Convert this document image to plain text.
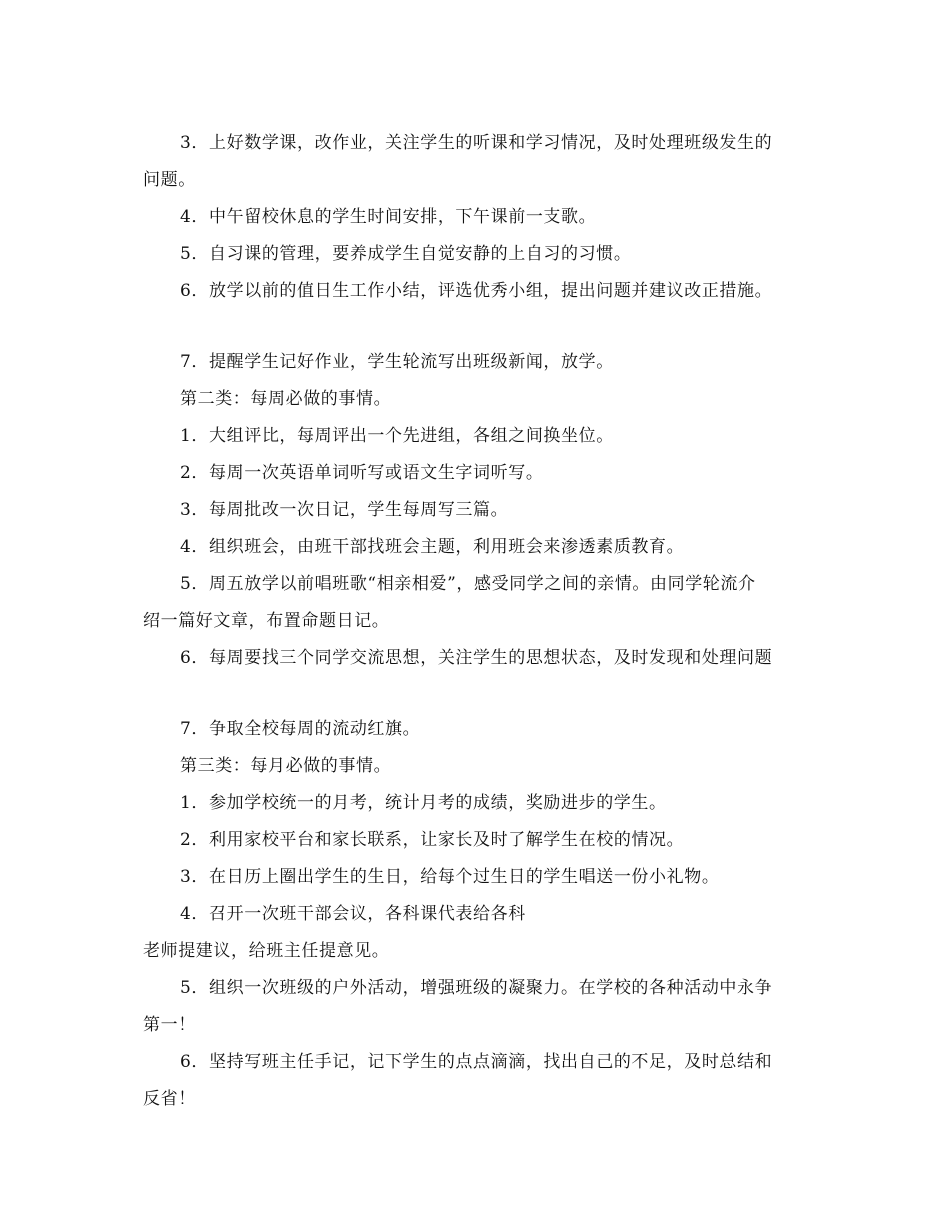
3．上好数学课，改作业，关注学生的听课和学习情况，及时处理班级发生的
问题。
4．中午留校休息的学生时间安排，下午课前一支歌。
5．自习课的管理，要养成学生自觉安静的上自习的习惯。
6．放学以前的值日生工作小结，评选优秀小组，提出问题并建议改正措施。
7．提醒学生记好作业，学生轮流写出班级新闻，放学。
第二类：每周必做的事情。
1．大组评比，每周评出一个先进组，各组之间换坐位。
2．每周一次英语单词听写或语文生字词听写。
3．每周批改一次日记，学生每周写三篇。
4．组织班会，由班干部找班会主题，利用班会来渗透素质教育。
5．周五放学以前唱班歌“相亲相爱”，感受同学之间的亲情。由同学轮流介
绍一篇好文章，布置命题日记。
6．每周要找三个同学交流思想，关注学生的思想状态，及时发现和处理问题
7．争取全校每周的流动红旗。
第三类：每月必做的事情。
1．参加学校统一的月考，统计月考的成绩，奖励进步的学生。
2．利用家校平台和家长联系，让家长及时了解学生在校的情况。
3．在日历上圈出学生的生日，给每个过生日的学生唱送一份小礼物。
4．召开一次班干部会议，各科课代表给各科
老师提建议，给班主任提意见。
5．组织一次班级的户外活动，增强班级的凝聚力。在学校的各种活动中永争
第一！
6．坚持写班主任手记，记下学生的点点滴滴，找出自己的不足，及时总结和
反省！
